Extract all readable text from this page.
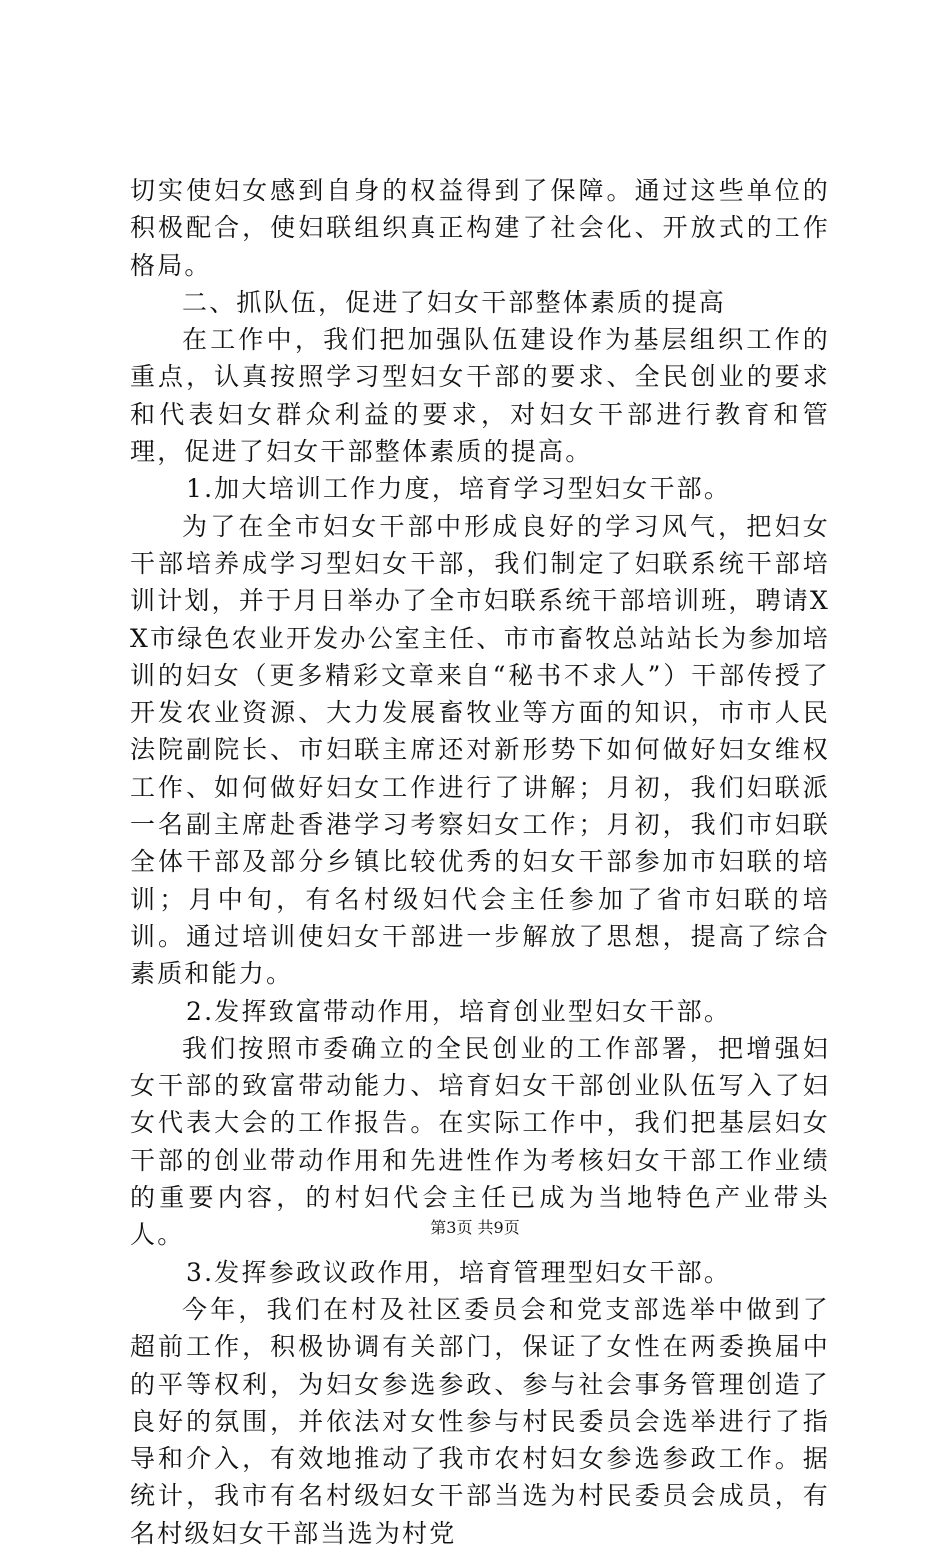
切实使妇女感到自身的权益得到了保障。通过这些单位的积极配合，使妇联组织真正构建了社会化、开放式的工作格局。

二、抓队伍，促进了妇女干部整体素质的提高

在工作中，我们把加强队伍建设作为基层组织工作的重点，认真按照学习型妇女干部的要求、全民创业的要求和代表妇女群众利益的要求，对妇女干部进行教育和管理，促进了妇女干部整体素质的提高。

1.加大培训工作力度，培育学习型妇女干部。

为了在全市妇女干部中形成良好的学习风气，把妇女干部培养成学习型妇女干部，我们制定了妇联系统干部培训计划，并于月日举办了全市妇联系统干部培训班，聘请XX市绿色农业开发办公室主任、市市畜牧总站站长为参加培训的妇女（更多精彩文章来自“秘书不求人”）干部传授了开发农业资源、大力发展畜牧业等方面的知识，市市人民法院副院长、市妇联主席还对新形势下如何做好妇女维权工作、如何做好妇女工作进行了讲解；月初，我们妇联派一名副主席赴香港学习考察妇女工作；月初，我们市妇联全体干部及部分乡镇比较优秀的妇女干部参加市妇联的培训；月中旬，有名村级妇代会主任参加了省市妇联的培训。通过培训使妇女干部进一步解放了思想，提高了综合素质和能力。

2.发挥致富带动作用，培育创业型妇女干部。

我们按照市委确立的全民创业的工作部署，把增强妇女干部的致富带动能力、培育妇女干部创业队伍写入了妇女代表大会的工作报告。在实际工作中，我们把基层妇女干部的创业带动作用和先进性作为考核妇女干部工作业绩的重要内容，的村妇代会主任已成为当地特色产业带头人。

3.发挥参政议政作用，培育管理型妇女干部。

今年，我们在村及社区委员会和党支部选举中做到了超前工作，积极协调有关部门，保证了女性在两委换届中的平等权利，为妇女参选参政、参与社会事务管理创造了良好的氛围，并依法对女性参与村民委员会选举进行了指导和介入，有效地推动了我市农村妇女参选参政工作。据统计，我市有名村级妇女干部当选为村民委员会成员，有名村级妇女干部当选为村党

第3页 共9页
